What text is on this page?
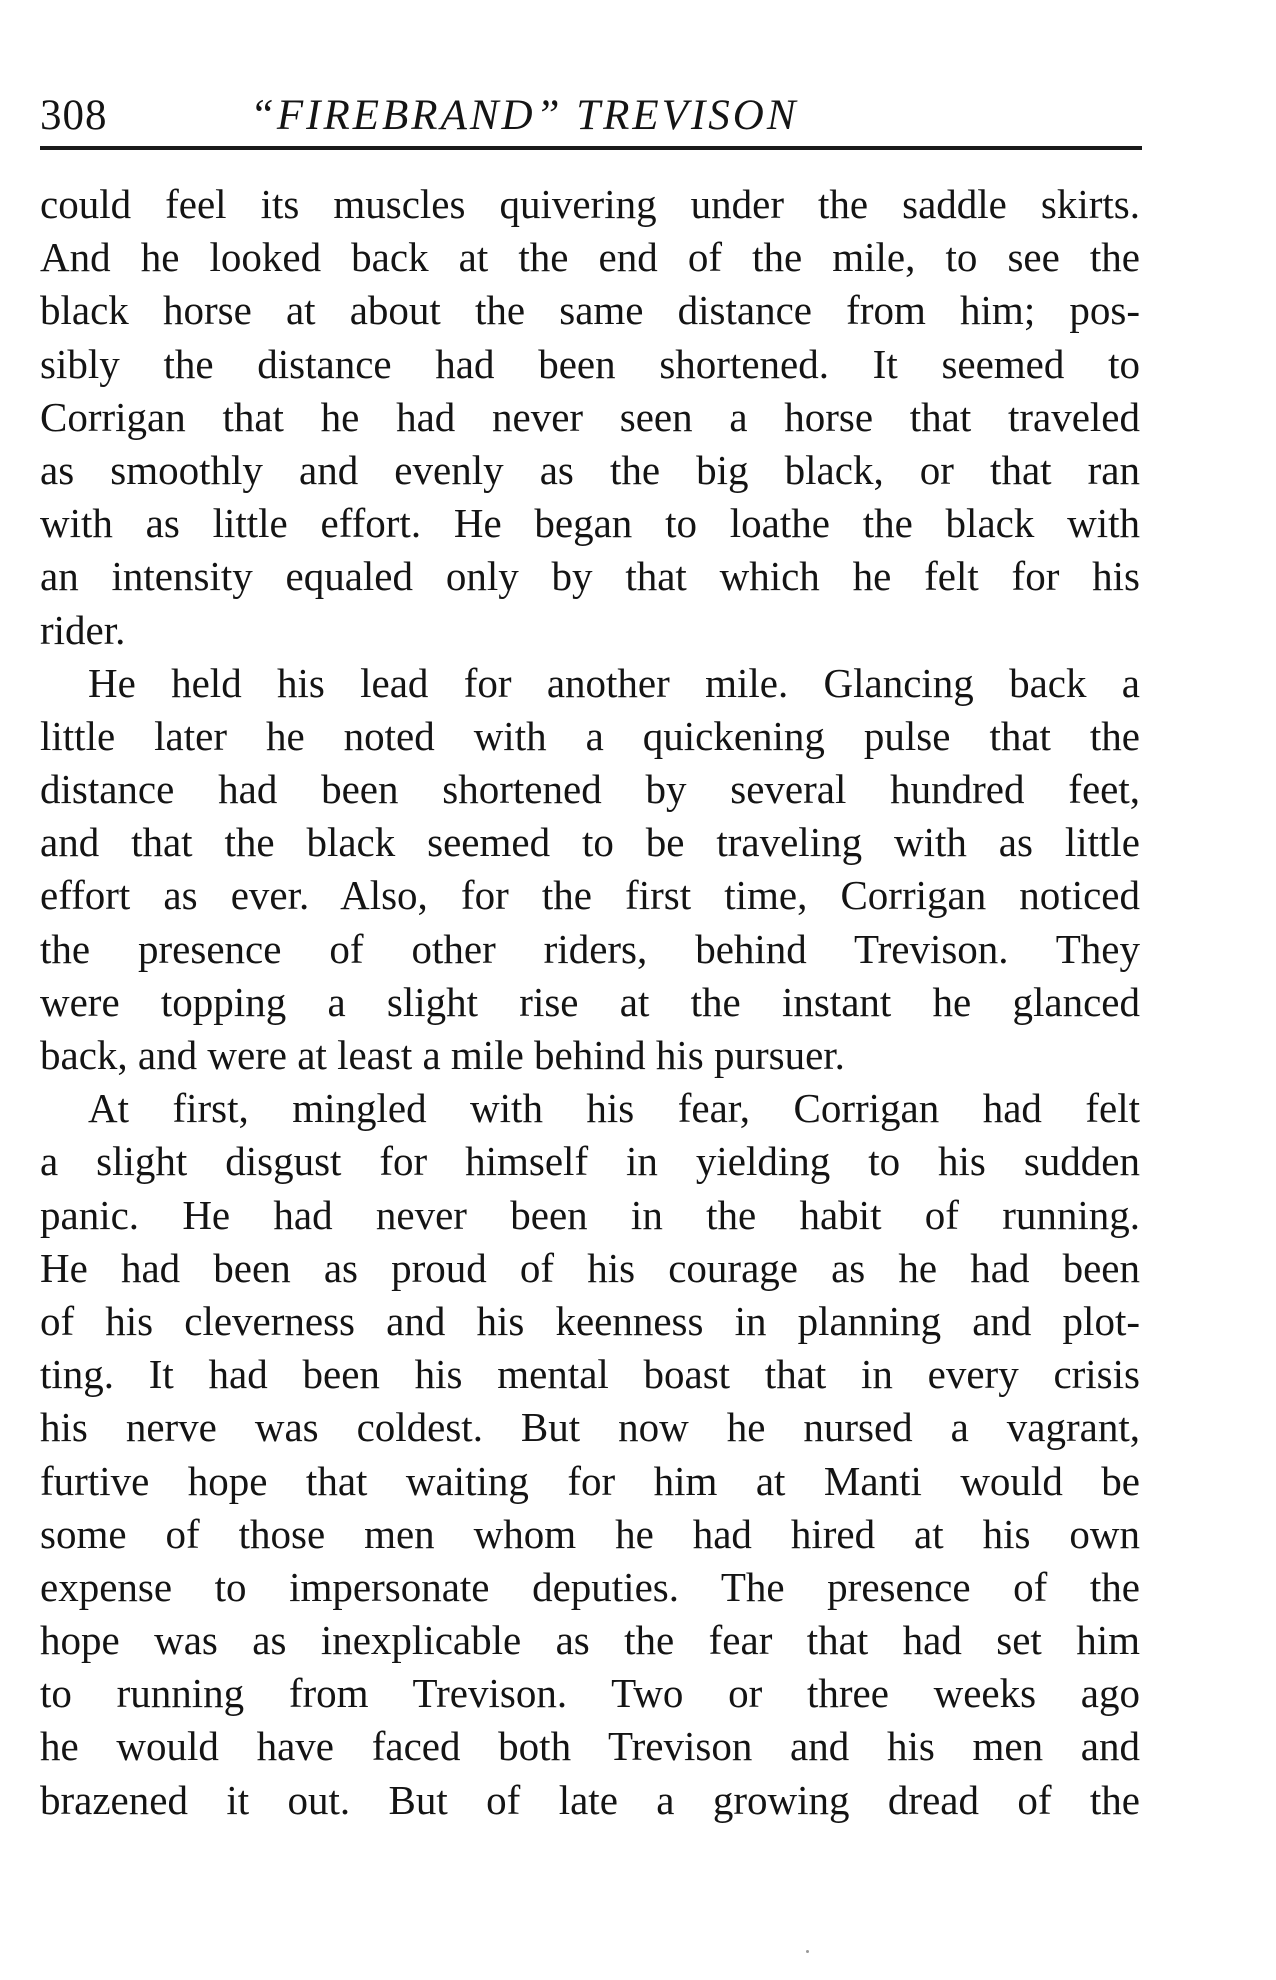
308	“FIREBRAND” TREVISON
could feel its muscles quivering under the saddle skirts.
And he looked back at the end of the mile, to see the
black horse at about the same distance from him; pos-
sibly the distance had been shortened. It seemed to
Corrigan that he had never seen a horse that traveled
as smoothly and evenly as the big black, or that ran
with as little effort. He began to loathe the black with
an intensity equaled only by that which he felt for his
rider.
He held his lead for another mile. Glancing back a
little later he noted with a quickening pulse that the
distance had been shortened by several hundred feet,
and that the black seemed to be traveling with as little
effort as ever. Also, for the first time, Corrigan noticed
the presence of other riders, behind Trevison. They
were topping a slight rise at the instant he glanced
back, and were at least a mile behind his pursuer.
At first, mingled with his fear, Corrigan had felt
a slight disgust for himself in yielding to his sudden
panic. He had never been in the habit of running.
He had been as proud of his courage as he had been
of his cleverness and his keenness in planning and plot-
ting. It had been his mental boast that in every crisis
his nerve was coldest. But now he nursed a vagrant,
furtive hope that waiting for him at Manti would be
some of those men whom he had hired at his own
expense to impersonate deputies. The presence of the
hope was as inexplicable as the fear that had set him
to running from Trevison. Two or three weeks ago
he would have faced both Trevison and his men and
brazened it out. But of late a growing dread of the
